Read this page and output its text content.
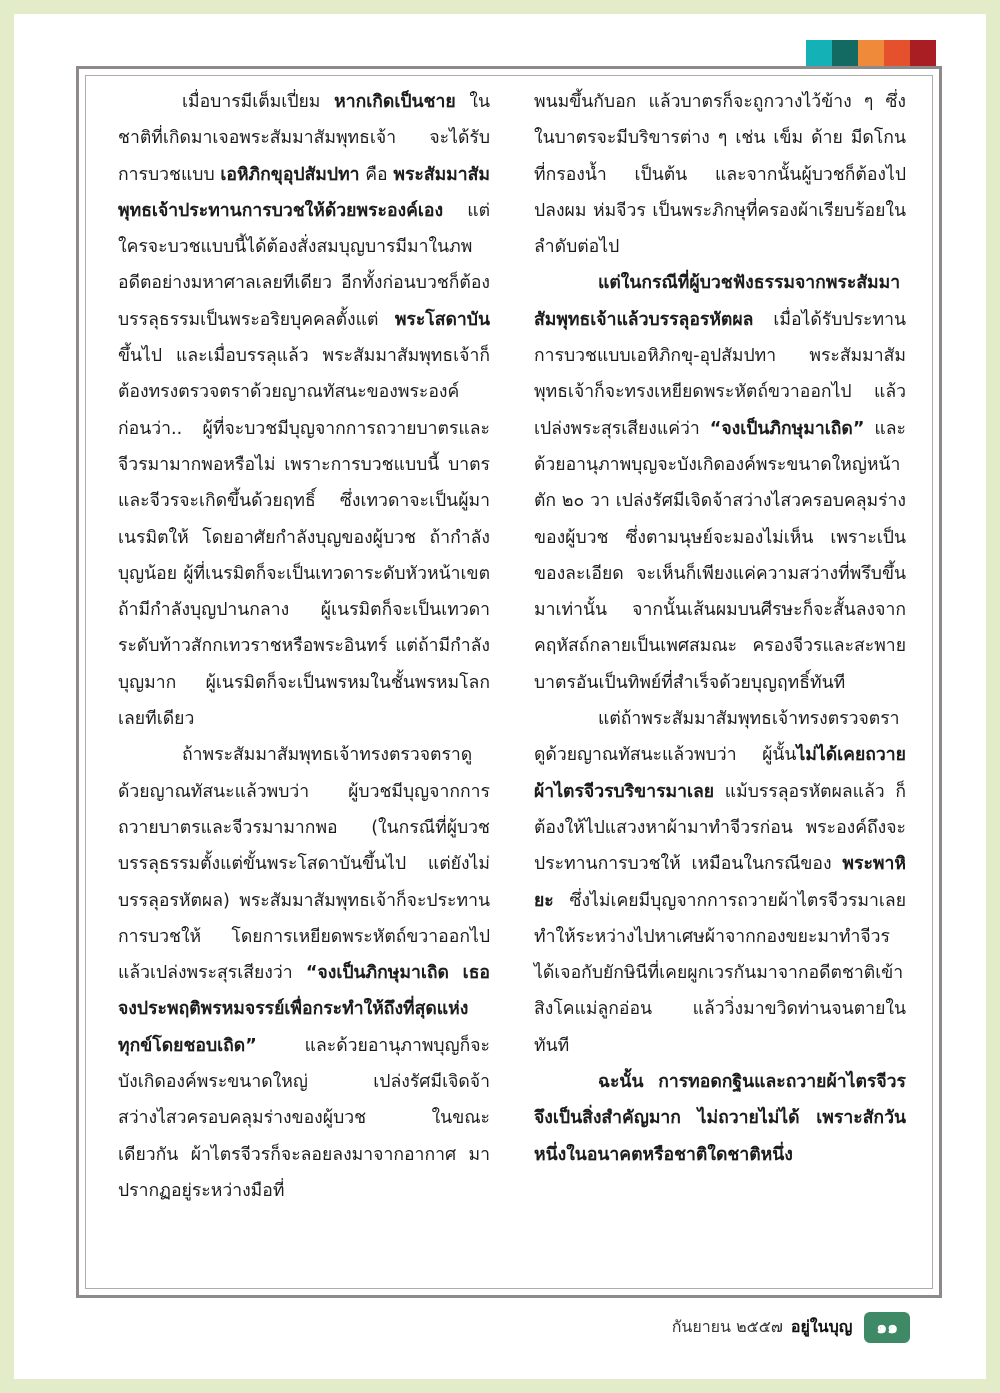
เมื่อบารมีเต็มเปี่ยม หากเกิดเป็นชาย ในชาติที่เกิดมาเจอพระสัมมาสัมพุทธเจ้า จะได้รับการบวชแบบ เอหิภิกขุอุปสัมปทา คือ พระสัมมาสัมพุทธเจ้าประทานการบวชให้ด้วยพระองค์เอง แต่ใครจะบวชแบบนี้ได้ต้องสั่งสมบุญบารมีมาในภพอดีตอย่างมหาศาลเลยทีเดียว อีกทั้งก่อนบวชก็ต้องบรรลุธรรมเป็นพระอริยบุคคลตั้งแต่ พระโสดาบัน ขึ้นไป และเมื่อบรรลุแล้ว พระสัมมาสัมพุทธเจ้าก็ต้องทรงตรวจตราด้วยญาณทัสนะของพระองค์ก่อนว่า.. ผู้ที่จะบวชมีบุญจากการถวายบาตรและจีวรมามากพอหรือไม่ เพราะการบวชแบบนี้ บาตรและจีวรจะเกิดขึ้นด้วยฤทธิ์ ซึ่งเทวดาจะเป็นผู้มาเนรมิตให้ โดยอาศัยกำลังบุญของผู้บวช ถ้ากำลังบุญน้อย ผู้ที่เนรมิตก็จะเป็นเทวดาระดับหัวหน้าเขต ถ้ามีกำลังบุญปานกลาง ผู้เนรมิตก็จะเป็นเทวดาระดับท้าวสักกเทวราชหรือพระอินทร์ แต่ถ้ามีกำลังบุญมาก ผู้เนรมิตก็จะเป็นพรหมในชั้นพรหมโลกเลยทีเดียว

ถ้าพระสัมมาสัมพุทธเจ้าทรงตรวจตราดูด้วยญาณทัสนะแล้วพบว่า ผู้บวชมีบุญจากการถวายบาตรและจีวรมามากพอ (ในกรณีที่ผู้บวชบรรลุธรรมตั้งแต่ขั้นพระโสดาบันขึ้นไป แต่ยังไม่บรรลุอรหัตผล) พระสัมมาสัมพุทธเจ้าก็จะประทานการบวชให้ โดยการเหยียดพระหัตถ์ขวาออกไป แล้วเปล่งพระสุรเสียงว่า “จงเป็นภิกษุมาเถิด เธอจงประพฤติพรหมจรรย์เพื่อกระทำให้ถึงที่สุดแห่งทุกข์โดยชอบเถิด” และด้วยอานุภาพบุญก็จะบังเกิดองค์พระขนาดใหญ่ เปล่งรัศมีเจิดจ้าสว่างไสวครอบคลุมร่างของผู้บวช ในขณะเดียวกัน ผ้าไตรจีวรก็จะลอยลงมาจากอากาศ มาปรากฏอยู่ระหว่างมือที่

พนมขึ้นกับอก แล้วบาตรก็จะถูกวางไว้ข้าง ๆ ซึ่งในบาตรจะมีบริขารต่าง ๆ เช่น เข็ม ด้าย มีดโกน ที่กรองน้ำ เป็นต้น และจากนั้นผู้บวชก็ต้องไปปลงผม ห่มจีวร เป็นพระภิกษุที่ครองผ้าเรียบร้อยในลำดับต่อไป

แต่ในกรณีที่ผู้บวชฟังธรรมจากพระสัมมาสัมพุทธเจ้าแล้วบรรลุอรหัตผล เมื่อได้รับประทานการบวชแบบเอหิภิกขุ-อุปสัมปทา พระสัมมาสัมพุทธเจ้าก็จะทรงเหยียดพระหัตถ์ขวาออกไป แล้วเปล่งพระสุรเสียงแค่ว่า “จงเป็นภิกษุมาเถิด” และด้วยอานุภาพบุญจะบังเกิดองค์พระขนาดใหญ่หน้าตัก ๒๐ วา เปล่งรัศมีเจิดจ้าสว่างไสวครอบคลุมร่างของผู้บวช ซึ่งตามนุษย์จะมองไม่เห็น เพราะเป็นของละเอียด จะเห็นก็เพียงแค่ความสว่างที่พรึบขึ้นมาเท่านั้น จากนั้นเส้นผมบนศีรษะก็จะสั้นลงจากคฤหัสถ์กลายเป็นเพศสมณะ ครองจีวรและสะพายบาตรอันเป็นทิพย์ที่สำเร็จด้วยบุญฤทธิ์ทันที

แต่ถ้าพระสัมมาสัมพุทธเจ้าทรงตรวจตราดูด้วยญาณทัสนะแล้วพบว่า ผู้นั้นไม่ได้เคยถวายผ้าไตรจีวรบริขารมาเลย แม้บรรลุอรหัตผลแล้ว ก็ต้องให้ไปแสวงหาผ้ามาทำจีวรก่อน พระองค์ถึงจะประทานการบวชให้ เหมือนในกรณีของ พระพาหิยะ ซึ่งไม่เคยมีบุญจากการถวายผ้าไตรจีวรมาเลย ทำให้ระหว่างไปหาเศษผ้าจากกองขยะมาทำจีวร ได้เจอกับยักษินีที่เคยผูกเวรกันมาจากอดีตชาติเข้าสิงโคแม่ลูกอ่อน แล้ววิ่งมาขวิดท่านจนตายในทันที

ฉะนั้น การทอดกฐินและถวายผ้าไตรจีวรจึงเป็นสิ่งสำคัญมาก ไม่ถวายไม่ได้ เพราะสักวันหนึ่งในอนาคตหรือชาติใดชาติหนึ่ง

กันยายน ๒๕๕๗ อยู่ในบุญ	๑๑
